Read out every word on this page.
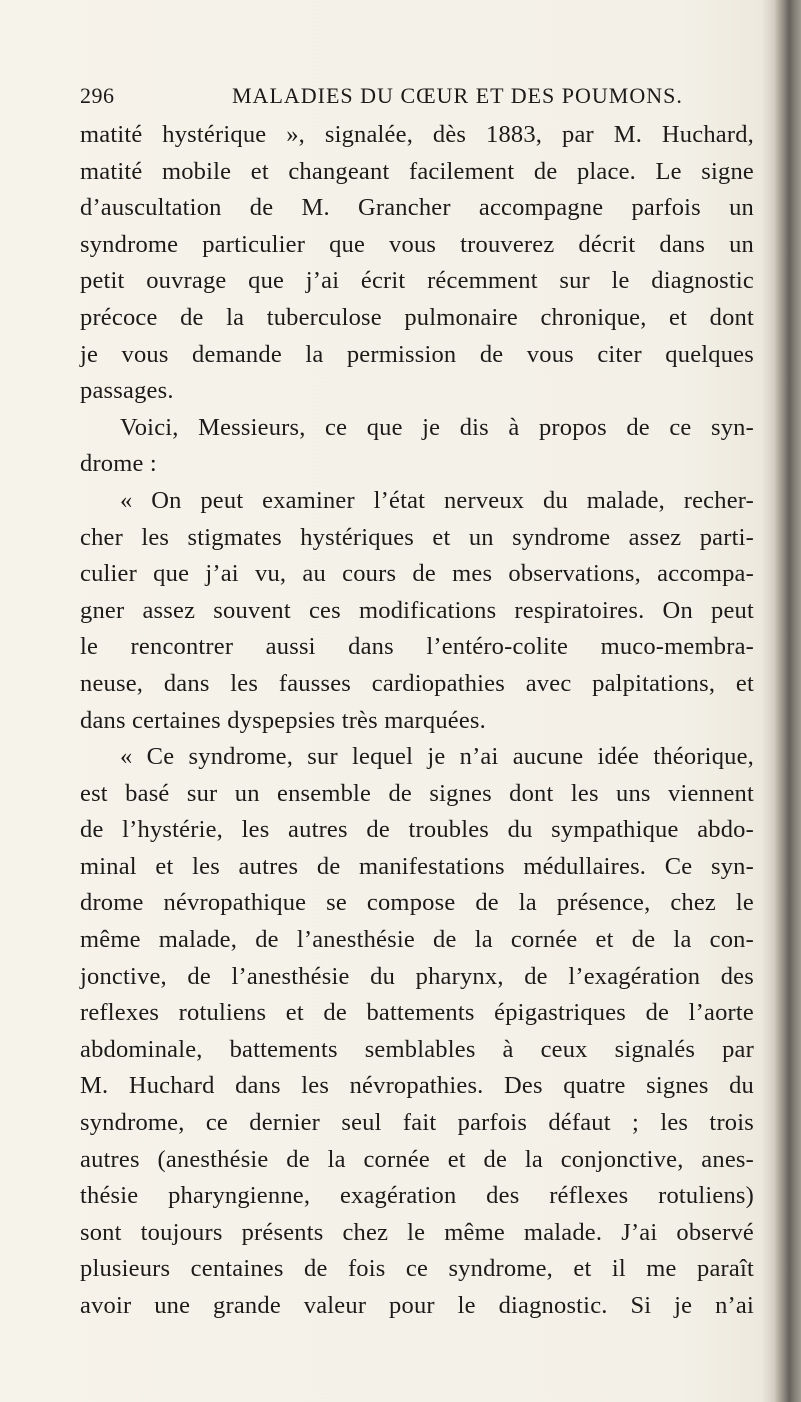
296	MALADIES DU CŒUR ET DES POUMONS.
matité hystérique », signalée, dès 1883, par M. Huchard,
matité mobile et changeant facilement de place. Le signe
d’auscultation de M. Grancher accompagne parfois un
syndrome particulier que vous trouverez décrit dans un
petit ouvrage que j’ai écrit récemment sur le diagnostic
précoce de la tuberculose pulmonaire chronique, et dont
je vous demande la permission de vous citer quelques
passages.
Voici, Messieurs, ce que je dis à propos de ce syn-
drome :
« On peut examiner l’état nerveux du malade, recher-
cher les stigmates hystériques et un syndrome assez parti-
culier que j’ai vu, au cours de mes observations, accompa-
gner assez souvent ces modifications respiratoires. On peut
le rencontrer aussi dans l’entéro-colite muco-membra-
neuse, dans les fausses cardiopathies avec palpitations, et
dans certaines dyspepsies très marquées.
« Ce syndrome, sur lequel je n’ai aucune idée théorique,
est basé sur un ensemble de signes dont les uns viennent
de l’hystérie, les autres de troubles du sympathique abdo-
minal et les autres de manifestations médullaires. Ce syn-
drome névropathique se compose de la présence, chez le
même malade, de l’anesthésie de la cornée et de la con-
jonctive, de l’anesthésie du pharynx, de l’exagération des
reflexes rotuliens et de battements épigastriques de l’aorte
abdominale, battements semblables à ceux signalés par
M. Huchard dans les névropathies. Des quatre signes du
syndrome, ce dernier seul fait parfois défaut ; les trois
autres (anesthésie de la cornée et de la conjonctive, anes-
thésie pharyngienne, exagération des réflexes rotuliens)
sont toujours présents chez le même malade. J’ai observé
plusieurs centaines de fois ce syndrome, et il me paraît
avoir une grande valeur pour le diagnostic. Si je n’ai
